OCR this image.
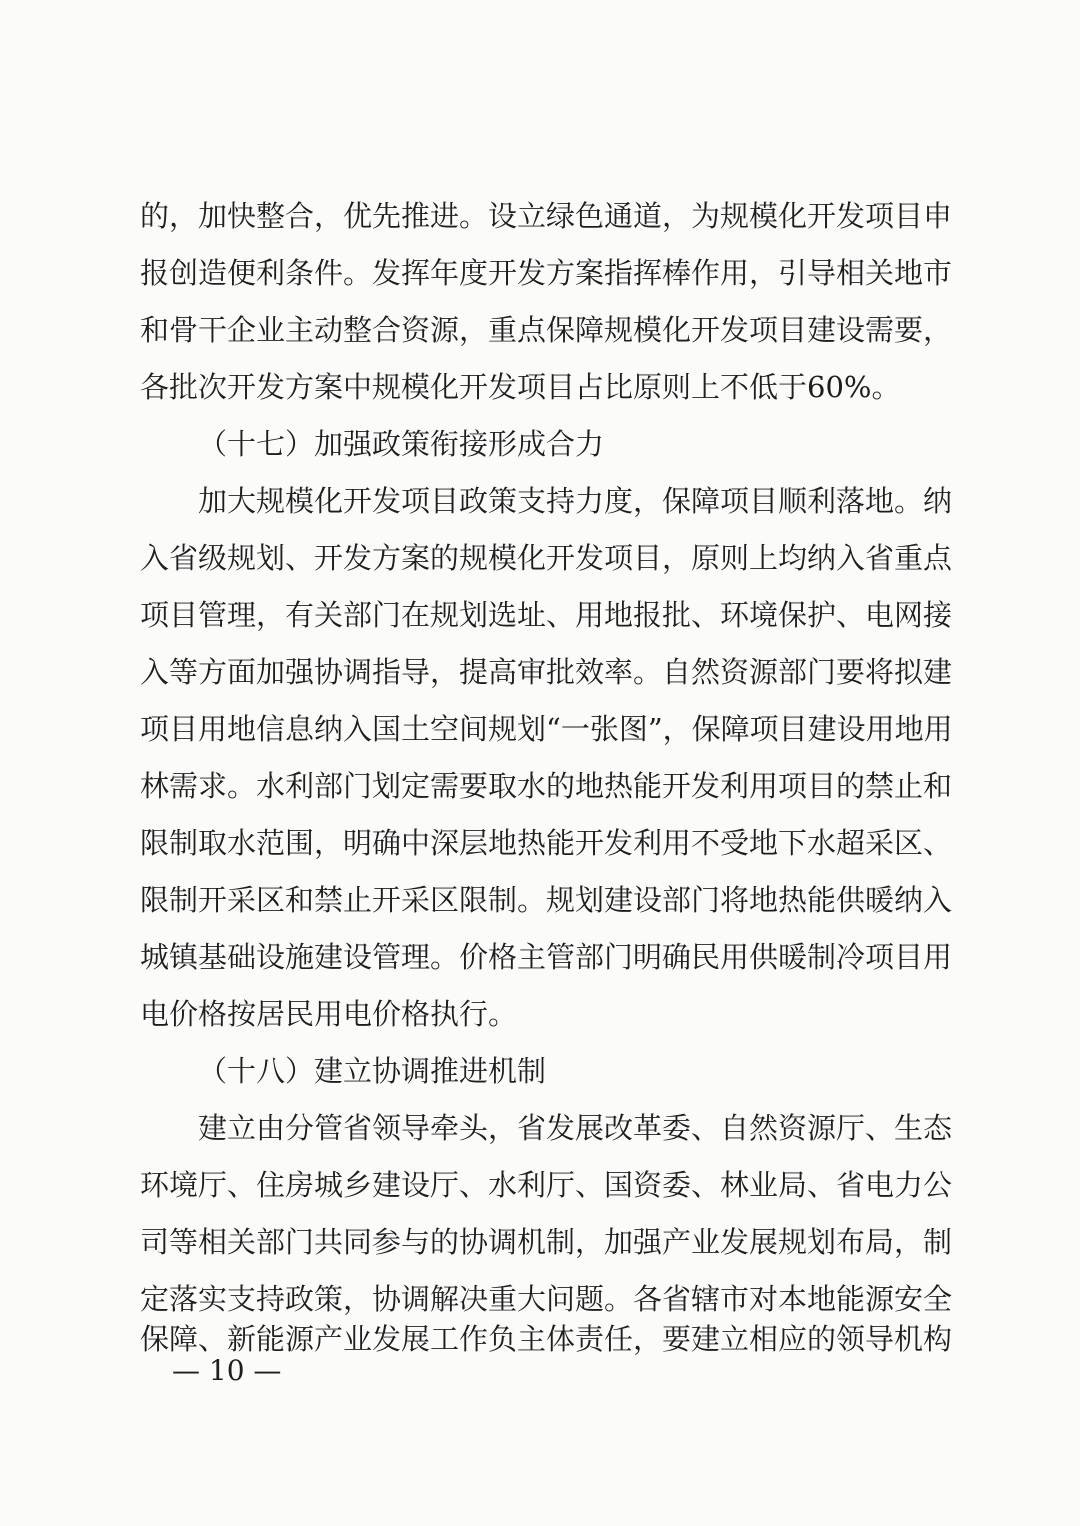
的，加快整合，优先推进。设立绿色通道，为规模化开发项目申
报创造便利条件。发挥年度开发方案指挥棒作用，引导相关地市
和骨干企业主动整合资源，重点保障规模化开发项目建设需要，
各批次开发方案中规模化开发项目占比原则上不低于60%。
（十七）加强政策衔接形成合力
　　加大规模化开发项目政策支持力度，保障项目顺利落地。纳
入省级规划、开发方案的规模化开发项目，原则上均纳入省重点
项目管理，有关部门在规划选址、用地报批、环境保护、电网接
入等方面加强协调指导，提高审批效率。自然资源部门要将拟建
项目用地信息纳入国土空间规划“一张图”，保障项目建设用地用
林需求。水利部门划定需要取水的地热能开发利用项目的禁止和
限制取水范围，明确中深层地热能开发利用不受地下水超采区、
限制开采区和禁止开采区限制。规划建设部门将地热能供暖纳入
城镇基础设施建设管理。价格主管部门明确民用供暖制冷项目用
电价格按居民用电价格执行。
（十八）建立协调推进机制
　　建立由分管省领导牵头，省发展改革委、自然资源厅、生态
环境厅、住房城乡建设厅、水利厅、国资委、林业局、省电力公
司等相关部门共同参与的协调机制，加强产业发展规划布局，制
定落实支持政策，协调解决重大问题。各省辖市对本地能源安全
保障、新能源产业发展工作负主体责任，要建立相应的领导机构
— 10 —
